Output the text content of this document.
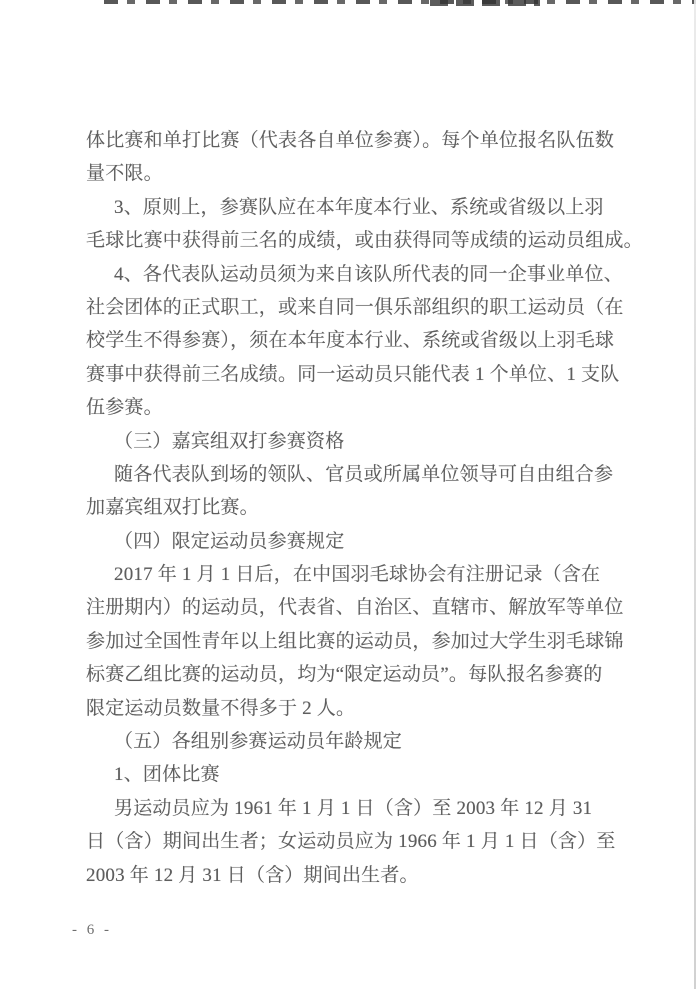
体比赛和单打比赛（代表各自单位参赛）。每个单位报名队伍数
量不限。
3、原则上，参赛队应在本年度本行业、系统或省级以上羽
毛球比赛中获得前三名的成绩，或由获得同等成绩的运动员组成。
4、各代表队运动员须为来自该队所代表的同一企事业单位、
社会团体的正式职工，或来自同一俱乐部组织的职工运动员（在
校学生不得参赛），须在本年度本行业、系统或省级以上羽毛球
赛事中获得前三名成绩。同一运动员只能代表 1 个单位、1 支队
伍参赛。
（三）嘉宾组双打参赛资格
随各代表队到场的领队、官员或所属单位领导可自由组合参
加嘉宾组双打比赛。
（四）限定运动员参赛规定
2017 年 1 月 1 日后，在中国羽毛球协会有注册记录（含在
注册期内）的运动员，代表省、自治区、直辖市、解放军等单位
参加过全国性青年以上组比赛的运动员，参加过大学生羽毛球锦
标赛乙组比赛的运动员，均为“限定运动员”。每队报名参赛的
限定运动员数量不得多于 2 人。
（五）各组别参赛运动员年龄规定
1、团体比赛
男运动员应为 1961 年 1 月 1 日（含）至 2003 年 12 月 31
日（含）期间出生者；女运动员应为 1966 年 1 月 1 日（含）至
2003 年 12 月 31 日（含）期间出生者。
- 6 -
